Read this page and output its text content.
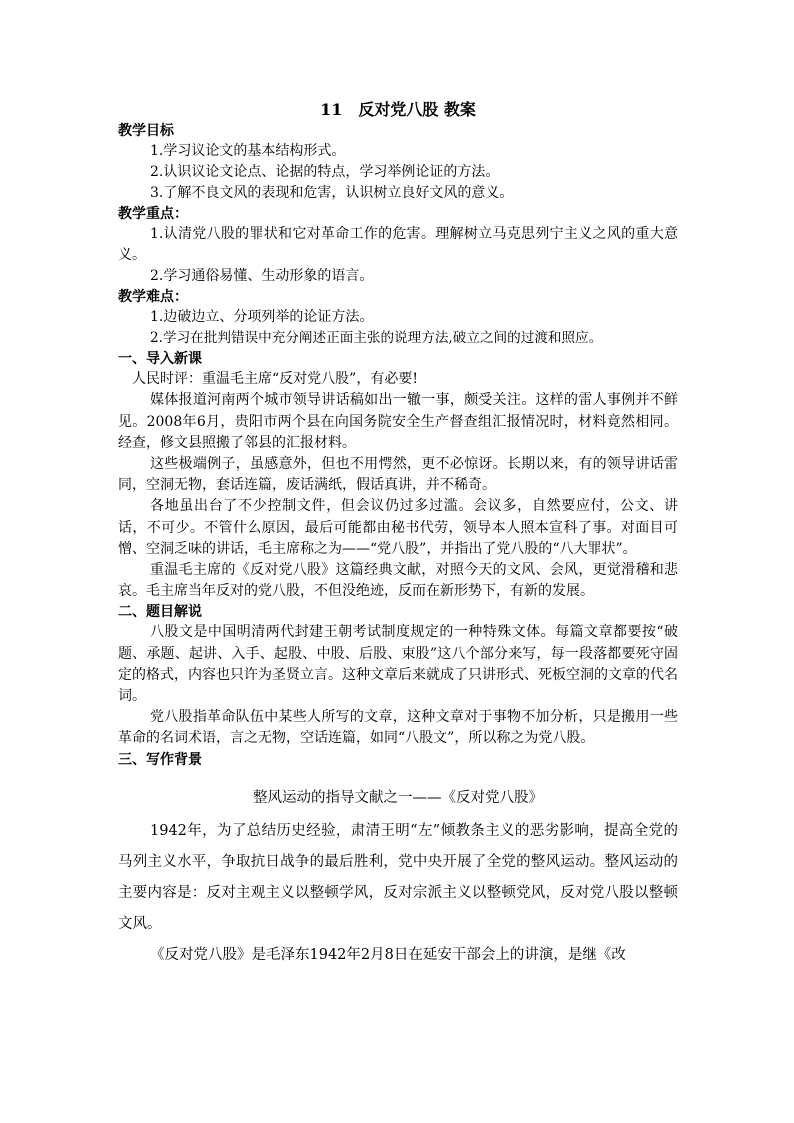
11　反对党八股 教案
教学目标
1.学习议论文的基本结构形式。
2.认识议论文论点、论据的特点，学习举例论证的方法。
3.了解不良文风的表现和危害，认识树立良好文风的意义。
教学重点：

1.认清党八股的罪状和它对革命工作的危害。理解树立马克思列宁主义之风的重大意义。

2.学习通俗易懂、生动形象的语言。
教学难点：
1.边破边立、分项列举的论证方法。
2.学习在批判错误中充分阐述正面主张的说理方法,破立之间的过渡和照应。
一、导入新课

人民时评：重温毛主席“反对党八股”，有必要!

媒体报道河南两个城市领导讲话稿如出一辙一事，颇受关注。这样的雷人事例并不鲜见。2008年6月，贵阳市两个县在向国务院安全生产督查组汇报情况时，材料竟然相同。经查，修文县照搬了邻县的汇报材料。

这些极端例子，虽感意外，但也不用愕然，更不必惊讶。长期以来，有的领导讲话雷同，空洞无物，套话连篇，废话满纸，假话真讲，并不稀奇。

各地虽出台了不少控制文件，但会议仍过多过滥。会议多，自然要应付，公文、讲话，不可少。不管什么原因，最后可能都由秘书代劳，领导本人照本宣科了事。对面目可憎、空洞乏味的讲话，毛主席称之为——“党八股”，并指出了党八股的“八大罪状”。

重温毛主席的《反对党八股》这篇经典文献，对照今天的文风、会风，更觉滑稽和悲哀。毛主席当年反对的党八股，不但没绝迹，反而在新形势下，有新的发展。

二、题目解说

八股文是中国明清两代封建王朝考试制度规定的一种特殊文体。每篇文章都要按“破题、承题、起讲、入手、起股、中股、后股、束股”这八个部分来写，每一段落都要死守固定的格式，内容也只许为圣贤立言。这种文章后来就成了只讲形式、死板空洞的文章的代名词。

党八股指革命队伍中某些人所写的文章，这种文章对于事物不加分析，只是搬用一些革命的名词术语，言之无物，空话连篇，如同“八股文”，所以称之为党八股。

三、写作背景
整风运动的指导文献之一——《反对党八股》

1942年，为了总结历史经验，肃清王明“左”倾教条主义的恶劣影响，提高全党的马列主义水平，争取抗日战争的最后胜利，党中央开展了全党的整风运动。整风运动的主要内容是：反对主观主义以整顿学风，反对宗派主义以整顿党风，反对党八股以整顿文风。

《反对党八股》是毛泽东1942年2月8日在延安干部会上的讲演，是继《改
